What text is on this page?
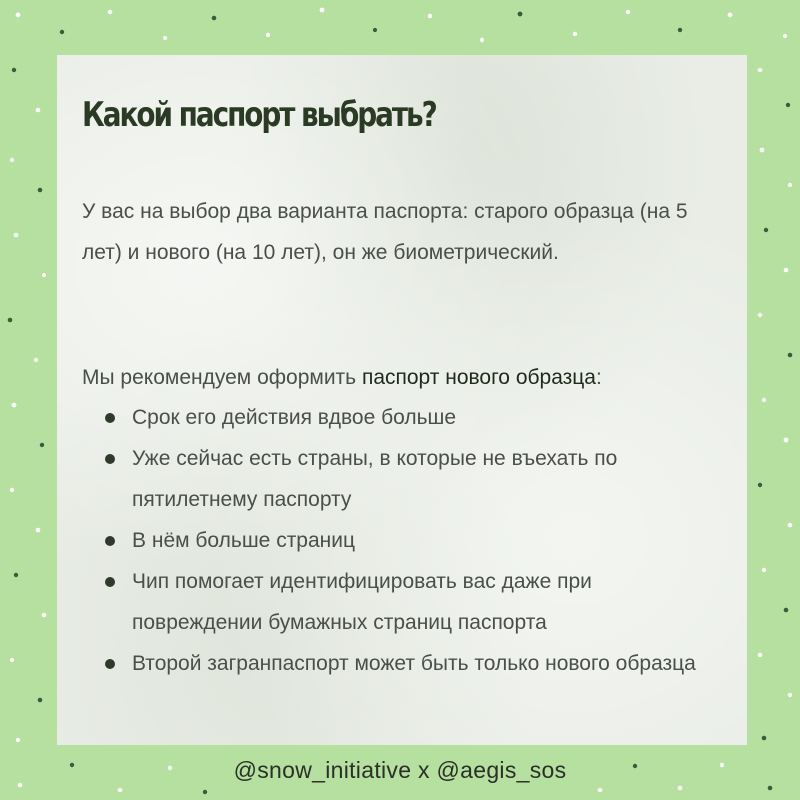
Какой паспорт выбрать?

У вас на выбор два варианта паспорта: старого образца (на 5 лет) и нового (на 10 лет), он же биометрический.

Мы рекомендуем оформить паспорт нового образца:

Срок его действия вдвое больше
Уже сейчас есть страны, в которые не въехать по пятилетнему паспорту
В нём больше страниц
Чип помогает идентифицировать вас даже при повреждении бумажных страниц паспорта
Второй загранпаспорт может быть только нового образца
@snow_initiative x @aegis_sos
